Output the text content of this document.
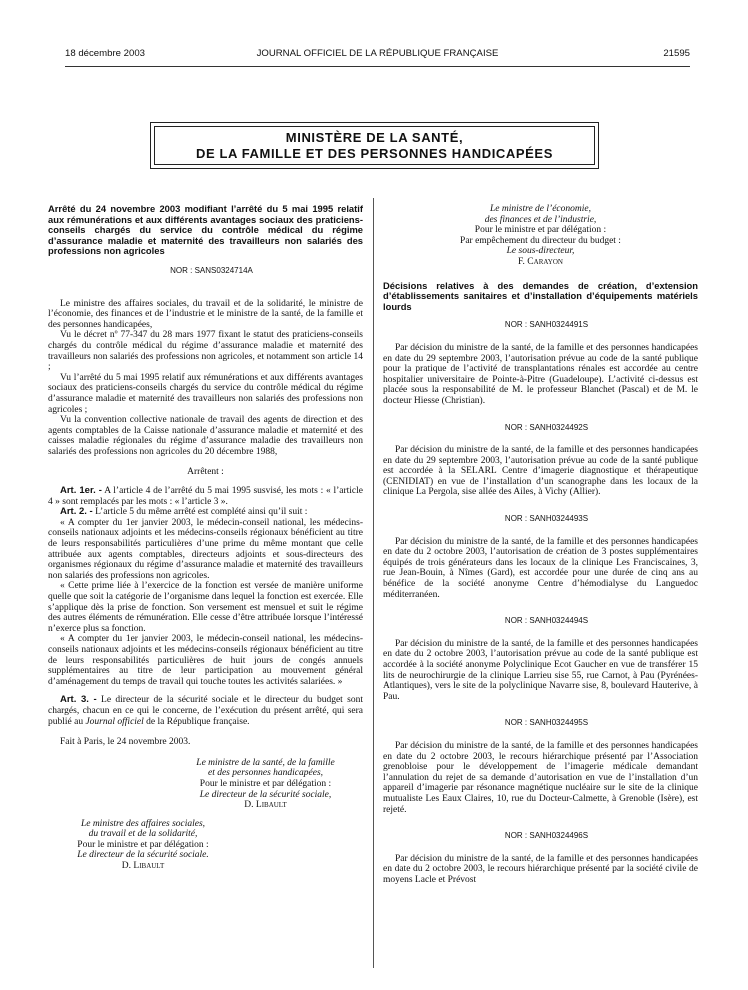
18 décembre 2003	JOURNAL OFFICIEL DE LA RÉPUBLIQUE FRANÇAISE	21595
MINISTÈRE DE LA SANTÉ,
DE LA FAMILLE ET DES PERSONNES HANDICAPÉES

Arrêté du 24 novembre 2003 modifiant l’arrêté du 5 mai 1995 relatif aux rémunérations et aux différents avantages sociaux des praticiens-conseils chargés du service du contrôle médical du régime d’assurance maladie et maternité des travailleurs non salariés des professions non agricoles

NOR : SANS0324714A

Le ministre des affaires sociales, du travail et de la solidarité, le ministre de l’économie, des finances et de l’industrie et le ministre de la santé, de la famille et des personnes handicapées,

Vu le décret nº 77-347 du 28 mars 1977 fixant le statut des praticiens-conseils chargés du contrôle médical du régime d’assurance maladie et maternité des travailleurs non salariés des professions non agricoles, et notamment son article 14 ;

Vu l’arrêté du 5 mai 1995 relatif aux rémunérations et aux différents avantages sociaux des praticiens-conseils chargés du service du contrôle médical du régime d’assurance maladie et maternité des travailleurs non salariés des professions non agricoles ;

Vu la convention collective nationale de travail des agents de direction et des agents comptables de la Caisse nationale d’assurance maladie et maternité et des caisses maladie régionales du régime d’assurance maladie des travailleurs non salariés des professions non agricoles du 20 décembre 1988,

Arrêtent :

Art. 1er. - A l’article 4 de l’arrêté du 5 mai 1995 susvisé, les mots : « l’article 4 » sont remplacés par les mots : « l’article 3 ».

Art. 2. - L’article 5 du même arrêté est complété ainsi qu’il suit :

« A compter du 1er janvier 2003, le médecin-conseil national, les médecins-conseils nationaux adjoints et les médecins-conseils régionaux bénéficient au titre de leurs responsabilités particulières d’une prime du même montant que celle attribuée aux agents comptables, directeurs adjoints et sous-directeurs des organismes régionaux du régime d’assurance maladie et maternité des travailleurs non salariés des professions non agricoles.

« Cette prime liée à l’exercice de la fonction est versée de manière uniforme quelle que soit la catégorie de l’organisme dans lequel la fonction est exercée. Elle s’applique dès la prise de fonction. Son versement est mensuel et suit le régime des autres éléments de rémunération. Elle cesse d’être attribuée lorsque l’intéressé n’exerce plus sa fonction.

« A compter du 1er janvier 2003, le médecin-conseil national, les médecins-conseils nationaux adjoints et les médecins-conseils régionaux bénéficient au titre de leurs responsabilités particulières de huit jours de congés annuels supplémentaires au titre de leur participation au mouvement général d’aménagement du temps de travail qui touche toutes les activités salariées. »

Art. 3. - Le directeur de la sécurité sociale et le directeur du budget sont chargés, chacun en ce qui le concerne, de l’exécution du présent arrêté, qui sera publié au Journal officiel de la République française.

Fait à Paris, le 24 novembre 2003.

Le ministre de la santé, de la famille

et des personnes handicapées,

Pour le ministre et par délégation :

Le directeur de la sécurité sociale,

D. Libault

Le ministre des affaires sociales,

du travail et de la solidarité,

Pour le ministre et par délégation :

Le directeur de la sécurité sociale.

D. Libault

Le ministre de l’économie,

des finances et de l’industrie,

Pour le ministre et par délégation :

Par empêchement du directeur du budget :

Le sous-directeur,

F. Carayon

Décisions relatives à des demandes de création, d’extension d’établissements sanitaires et d’installation d’équipements matériels lourds

NOR : SANH0324491S

Par décision du ministre de la santé, de la famille et des personnes handicapées en date du 29 septembre 2003, l’autorisation prévue au code de la santé publique pour la pratique de l’activité de transplantations rénales est accordée au centre hospitalier universitaire de Pointe-à-Pitre (Guadeloupe). L’activité ci-dessus est placée sous la responsabilité de M. le professeur Blanchet (Pascal) et de M. le docteur Hiesse (Christian).

NOR : SANH0324492S

Par décision du ministre de la santé, de la famille et des personnes handicapées en date du 29 septembre 2003, l’autorisation prévue au code de la santé publique est accordée à la SELARL Centre d’imagerie diagnostique et thérapeutique (CENIDIAT) en vue de l’installation d’un scanographe dans les locaux de la clinique La Pergola, sise allée des Ailes, à Vichy (Allier).

NOR : SANH0324493S

Par décision du ministre de la santé, de la famille et des personnes handicapées en date du 2 octobre 2003, l’autorisation de création de 3 postes supplémentaires équipés de trois générateurs dans les locaux de la clinique Les Franciscaines, 3, rue Jean-Bouin, à Nîmes (Gard), est accordée pour une durée de cinq ans au bénéfice de la société anonyme Centre d’hémodialyse du Languedoc méditerranéen.

NOR : SANH0324494S

Par décision du ministre de la santé, de la famille et des personnes handicapées en date du 2 octobre 2003, l’autorisation prévue au code de la santé publique est accordée à la société anonyme Polyclinique Ecot Gaucher en vue de transférer 15 lits de neurochirurgie de la clinique Larrieu sise 55, rue Carnot, à Pau (Pyrénées-Atlantiques), vers le site de la polyclinique Navarre sise, 8, boulevard Hauterive, à Pau.

NOR : SANH0324495S

Par décision du ministre de la santé, de la famille et des personnes handicapées en date du 2 octobre 2003, le recours hiérarchique présenté par l’Association grenobloise pour le développement de l’imagerie médicale demandant l’annulation du rejet de sa demande d’autorisation en vue de l’installation d’un appareil d’imagerie par résonance magnétique nucléaire sur le site de la clinique mutualiste Les Eaux Claires, 10, rue du Docteur-Calmette, à Grenoble (Isère), est rejeté.

NOR : SANH0324496S

Par décision du ministre de la santé, de la famille et des personnes handicapées en date du 2 octobre 2003, le recours hiérarchique présenté par la société civile de moyens Lacle et Prévost
